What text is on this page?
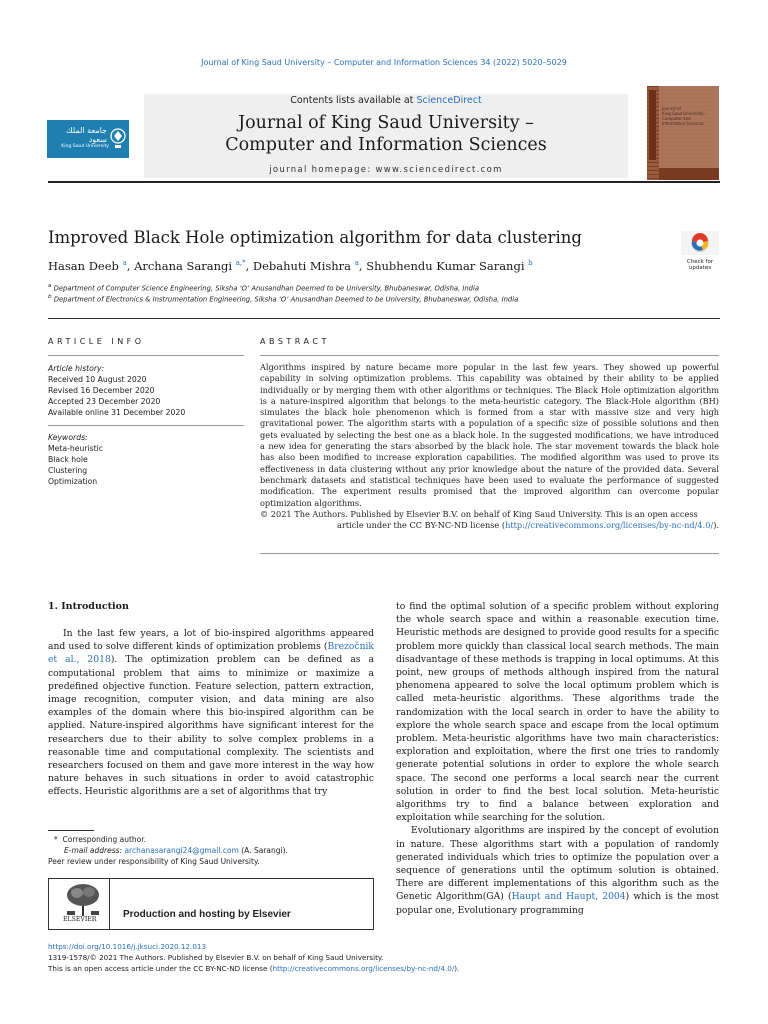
Journal of King Saud University – Computer and Information Sciences 34 (2022) 5020–5029
Contents lists available at ScienceDirect
Journal of King Saud University –
Computer and Information Sciences
journal homepage: www.sciencedirect.com
جامعة الملك سعود
King Saud University
Journal of
King Saud University –
Computer and
Information Sciences
Improved Black Hole optimization algorithm for data clustering
Check for
updates
Hasan Deeb $^a$, Archana Sarangi $^{a,*}$, Debahuti Mishra $^a$, Shubhendu Kumar Sarangi $^b$
$^a$ Department of Computer Science Engineering, Siksha ‘O’ Anusandhan Deemed to be University, Bhubaneswar, Odisha, India
$^b$ Department of Electronics & Instrumentation Engineering, Siksha ‘O’ Anusandhan Deemed to be University, Bhubaneswar, Odisha, India
ARTICLE INFO
Article history:
Received 10 August 2020
Revised 16 December 2020
Accepted 23 December 2020
Available online 31 December 2020
Keywords:
Meta-heuristic
Black hole
Clustering
Optimization
ABSTRACT
Algorithms inspired by nature became more popular in the last few years. They showed up powerful capability in solving optimization problems. This capability was obtained by their ability to be applied individually or by merging them with other algorithms or techniques. The Black Hole optimization algorithm is a nature-inspired algorithm that belongs to the meta-heuristic category. The Black-Hole algorithm (BH) simulates the black hole phenomenon which is formed from a star with massive size and very high gravitational power. The algorithm starts with a population of a specific size of possible solutions and then gets evaluated by selecting the best one as a black hole. In the suggested modifications, we have introduced a new idea for generating the stars absorbed by the black hole. The star movement towards the black hole has also been modified to increase exploration capabilities. The modified algorithm was used to prove its effectiveness in data clustering without any prior knowledge about the nature of the provided data. Several benchmark datasets and statistical techniques have been used to evaluate the performance of suggested modification. The experiment results promised that the improved algorithm can overcome popular optimization algorithms.
© 2021 The Authors. Published by Elsevier B.V. on behalf of King Saud University. This is an open access
article under the CC BY-NC-ND license (http://creativecommons.org/licenses/by-nc-nd/4.0/).
1. Introduction

In the last few years, a lot of bio-inspired algorithms appeared and used to solve different kinds of optimization problems (Brezočnik et al., 2018). The optimization problem can be defined as a computational problem that aims to minimize or maximize a predefined objective function. Feature selection, pattern extraction, image recognition, computer vision, and data mining are also examples of the domain where this bio-inspired algorithm can be applied. Nature-inspired algorithms have significant interest for the researchers due to their ability to solve complex problems in a reasonable time and computational complexity. The scientists and researchers focused on them and gave more interest in the way how nature behaves in such situations in order to avoid catastrophic effects. Heuristic algorithms are a set of algorithms that try

to find the optimal solution of a specific problem without exploring the whole search space and within a reasonable execution time. Heuristic methods are designed to provide good results for a specific problem more quickly than classical local search methods. The main disadvantage of these methods is trapping in local optimums. At this point, new groups of methods although inspired from the natural phenomena appeared to solve the local optimum problem which is called meta-heuristic algorithms. These algorithms trade the randomization with the local search in order to have the ability to explore the whole search space and escape from the local optimum problem. Meta-heuristic algorithms have two main characteristics: exploration and exploitation, where the first one tries to randomly generate potential solutions in order to explore the whole search space. The second one performs a local search near the current solution in order to find the best local solution. Meta-heuristic algorithms try to find a balance between exploration and exploitation while searching for the solution.

Evolutionary algorithms are inspired by the concept of evolution in nature. These algorithms start with a population of randomly generated individuals which tries to optimize the population over a sequence of generations until the optimum solution is obtained. There are different implementations of this algorithm such as the Genetic Algorithm(GA) (Haupt and Haupt, 2004) which is the most popular one, Evolutionary programming

* Corresponding author.
E-mail address: archanasarangi24@gmail.com (A. Sarangi).
Peer review under responsibility of King Saud University.
ELSEVIER	Production and hosting by Elsevier
https://doi.org/10.1016/j.jksuci.2020.12.013
1319-1578/© 2021 The Authors. Published by Elsevier B.V. on behalf of King Saud University.
This is an open access article under the CC BY-NC-ND license (http://creativecommons.org/licenses/by-nc-nd/4.0/).
